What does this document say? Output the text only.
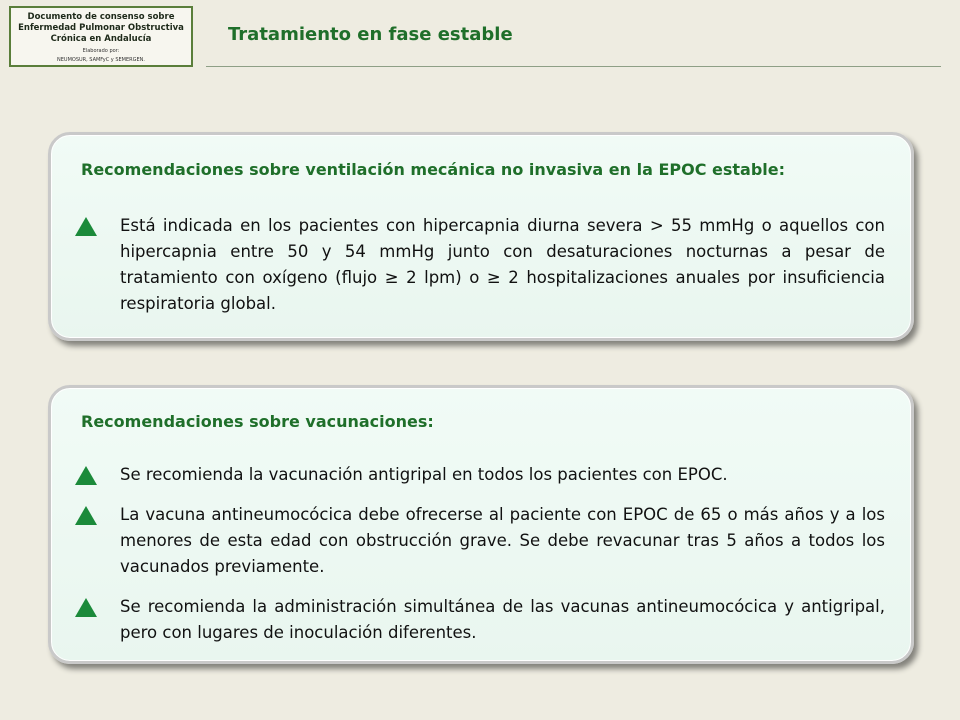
Documento de consenso sobre
Enfermedad Pulmonar Obstructiva
Crónica en Andalucía
Elaborado por:
NEUMOSUR, SAMFyC y SEMERGEN.
Tratamiento en fase estable
Recomendaciones sobre ventilación mecánica no invasiva en la EPOC estable:
Está indicada en los pacientes con hipercapnia diurna severa > 55 mmHg o aquellos con hipercapnia entre 50 y 54 mmHg junto con desaturaciones nocturnas a pesar de tratamiento con oxígeno (flujo ≥ 2 lpm) o ≥ 2 hospitalizaciones anuales por insuficiencia respiratoria global.
Recomendaciones sobre vacunaciones:
Se recomienda la vacunación antigripal en todos los pacientes con EPOC.
La vacuna antineumocócica debe ofrecerse al paciente con EPOC de 65 o más años y a los menores de esta edad con obstrucción grave. Se debe revacunar tras 5 años a todos los vacunados previamente.
Se recomienda la administración simultánea de las vacunas antineumocócica y antigripal, pero con lugares de inoculación diferentes.
